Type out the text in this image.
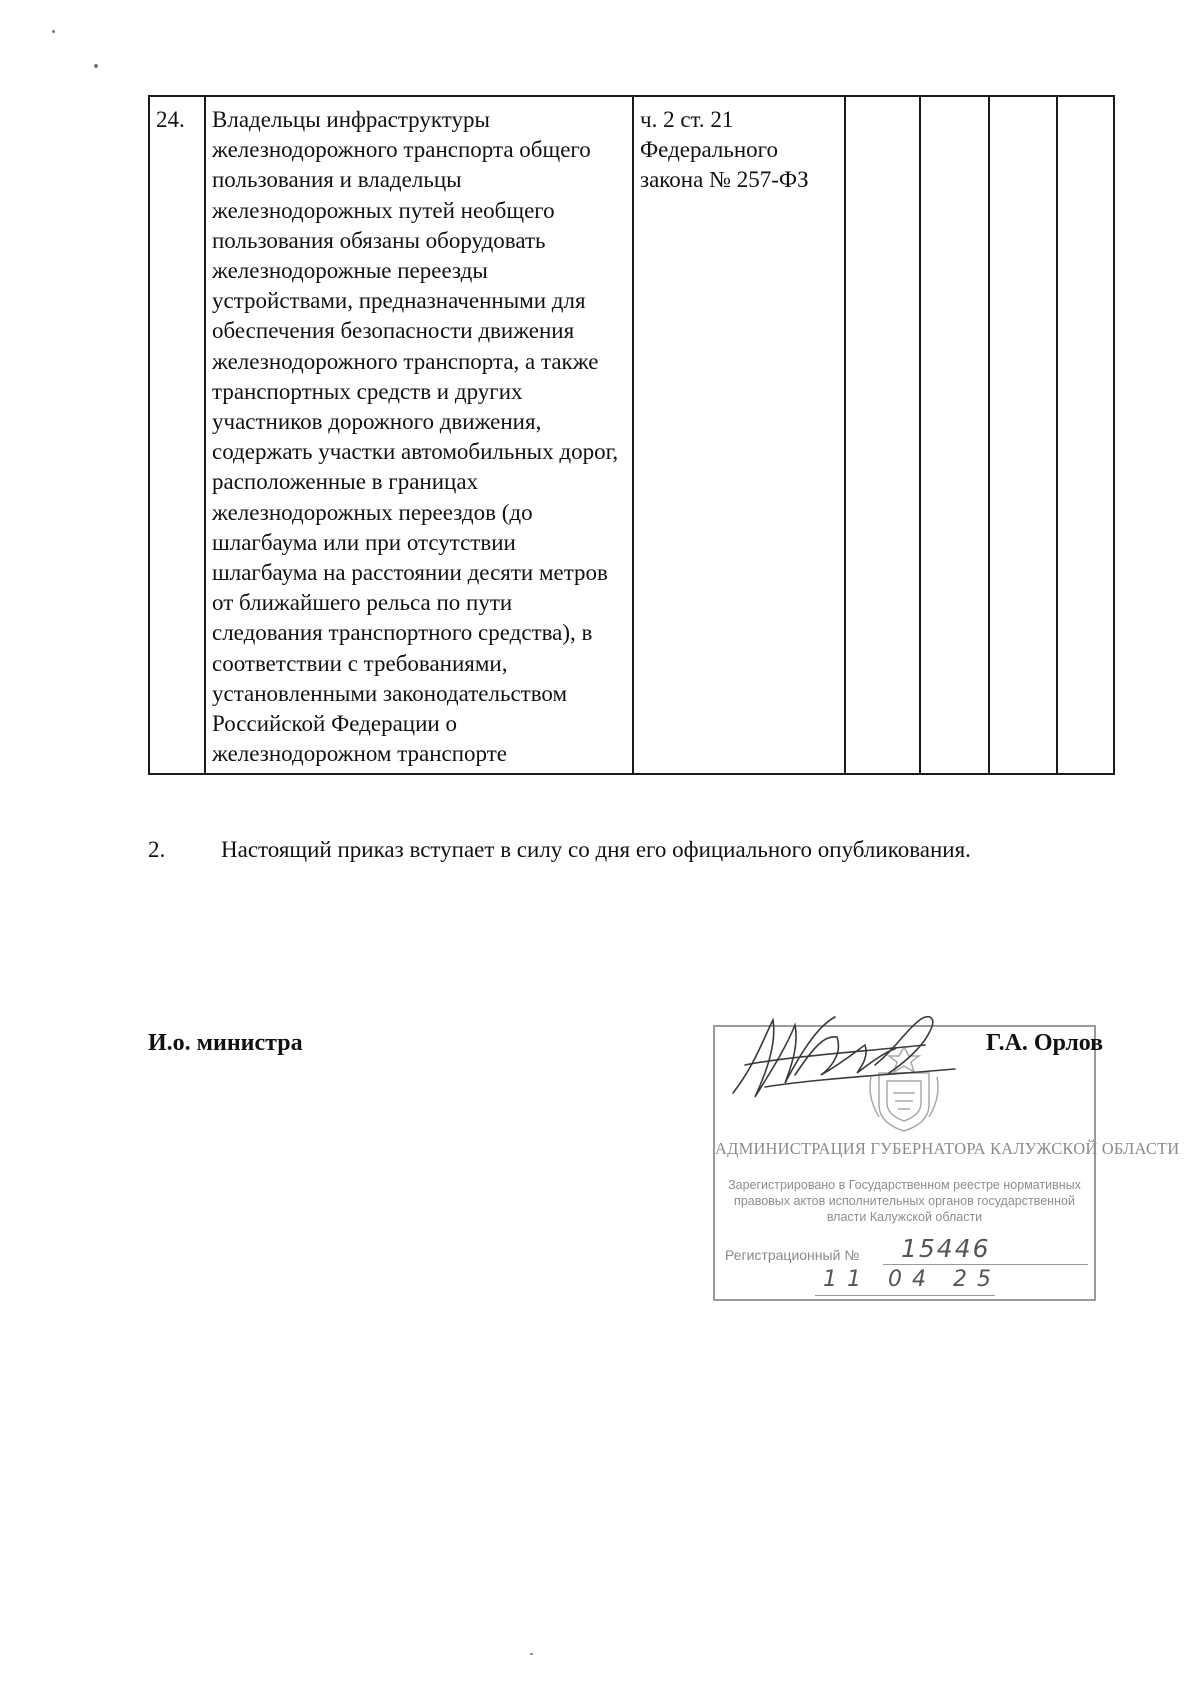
24.	Владельцы инфраструктуры железнодорожного транспорта общего пользования и владельцы железнодорожных путей необщего пользования обязаны оборудовать железнодорожные переезды устройствами, предназначенными для обеспечения безопасности движения железнодорожного транспорта, а также транспортных средств и других участников дорожного движения, содержать участки автомобильных дорог, расположенные в границах железнодорожных переездов (до шлагбаума или при отсутствии шлагбаума на расстоянии десяти метров от ближайшего рельса по пути следования транспортного средства), в соответствии с требованиями, установленными законодательством Российской Федерации о железнодорожном транспорте	ч. 2 ст. 21 Федерального закона № 257-ФЗ				
2. Настоящий приказ вступает в силу со дня его официального опубликования.
И.о. министра
АДМИНИСТРАЦИЯ ГУБЕРНАТОРА КАЛУЖСКОЙ ОБЛАСТИ
Зарегистрировано в Государственном реестре нормативных правовых актов исполнительных органов государственной власти Калужской области
Регистрационный №	15446
11 04 25
Г.А. Орлов
